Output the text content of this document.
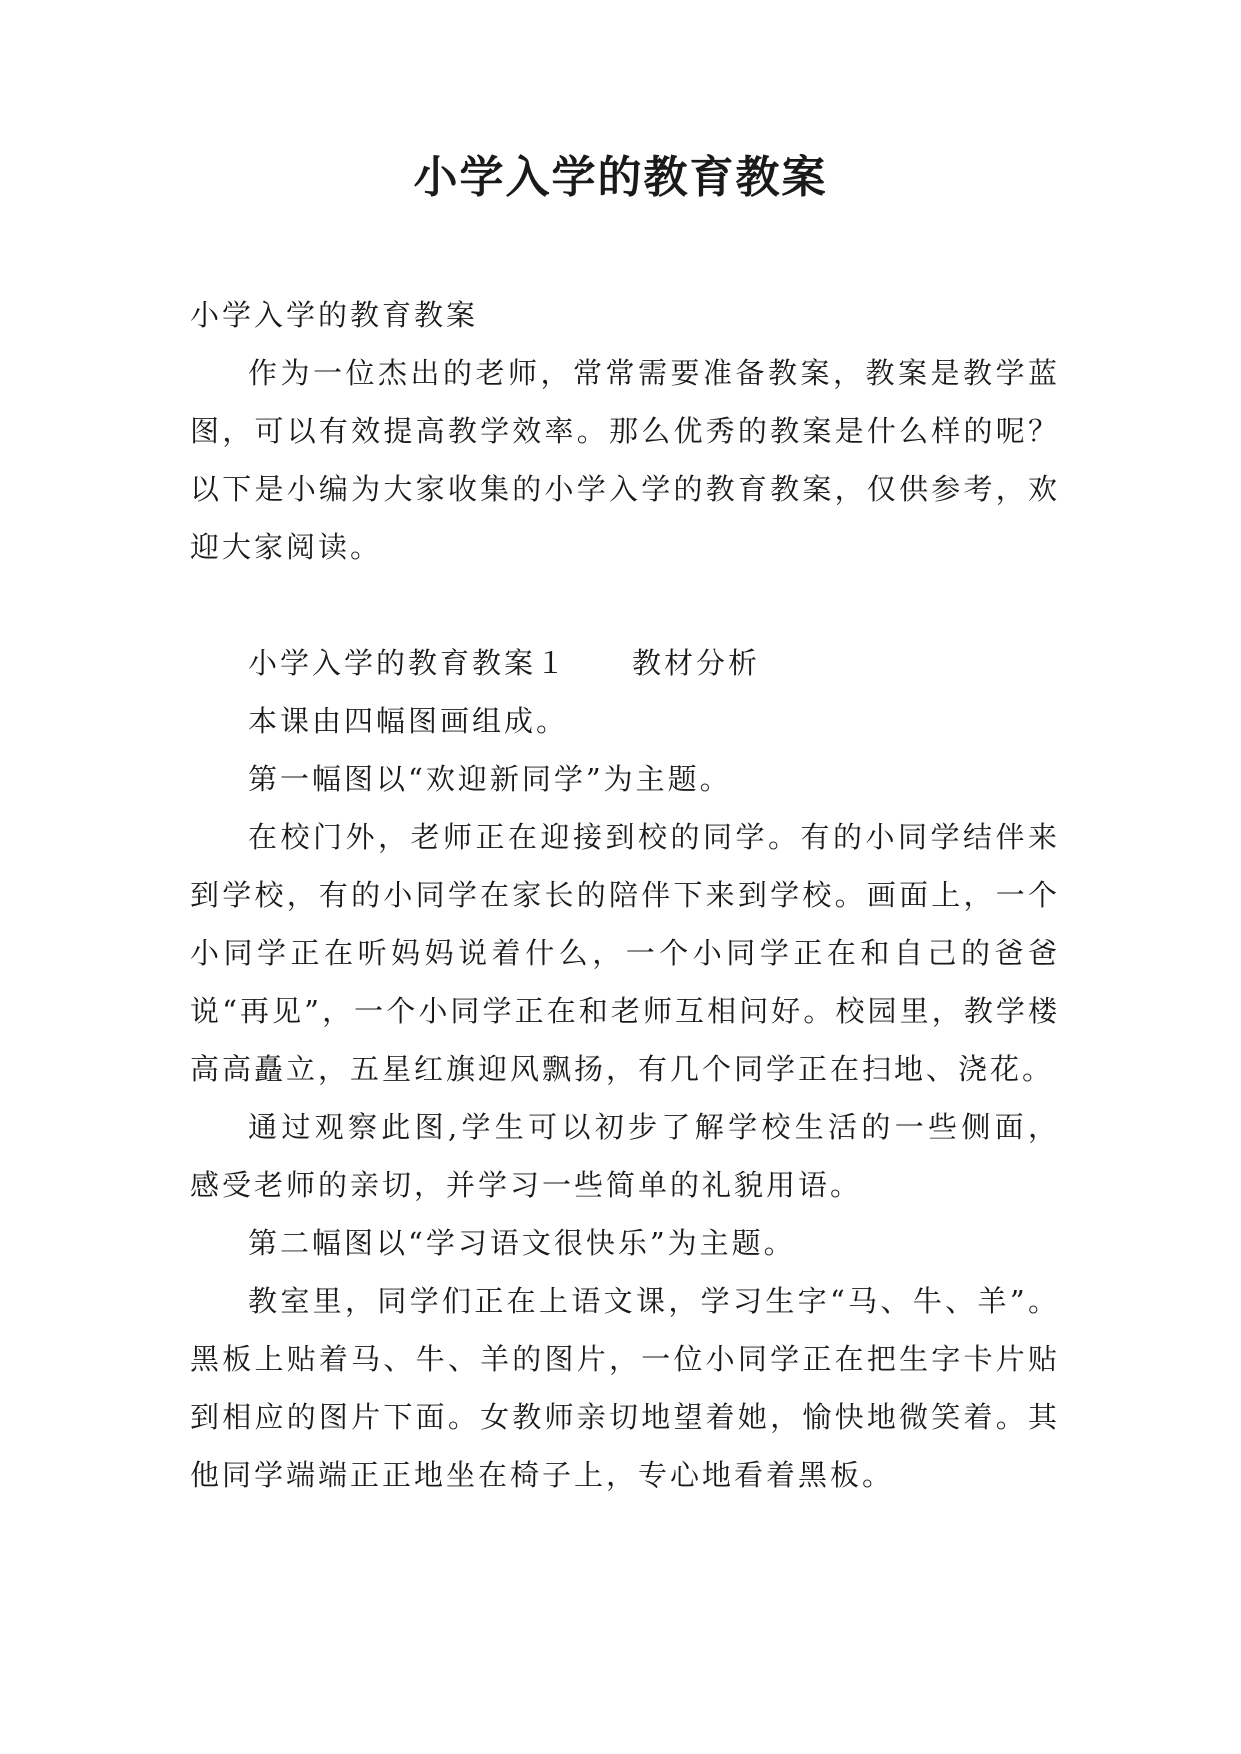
小学入学的教育教案

小学入学的教育教案

作为一位杰出的老师，常常需要准备教案，教案是教学蓝图，可以有效提高教学效率。那么优秀的教案是什么样的呢？以下是小编为大家收集的小学入学的教育教案，仅供参考，欢迎大家阅读。

小学入学的教育教案１　　教材分析

本课由四幅图画组成。

第一幅图以“欢迎新同学”为主题。

在校门外，老师正在迎接到校的同学。有的小同学结伴来到学校，有的小同学在家长的陪伴下来到学校。画面上，一个小同学正在听妈妈说着什么，一个小同学正在和自己的爸爸说“再见”，一个小同学正在和老师互相问好。校园里，教学楼高高矗立，五星红旗迎风飘扬，有几个同学正在扫地、浇花。

通过观察此图,学生可以初步了解学校生活的一些侧面，感受老师的亲切，并学习一些简单的礼貌用语。

第二幅图以“学习语文很快乐”为主题。

教室里，同学们正在上语文课，学习生字“马、牛、羊”。黑板上贴着马、牛、羊的图片，一位小同学正在把生字卡片贴到相应的图片下面。女教师亲切地望着她，愉快地微笑着。其他同学端端正正地坐在椅子上，专心地看着黑板。
